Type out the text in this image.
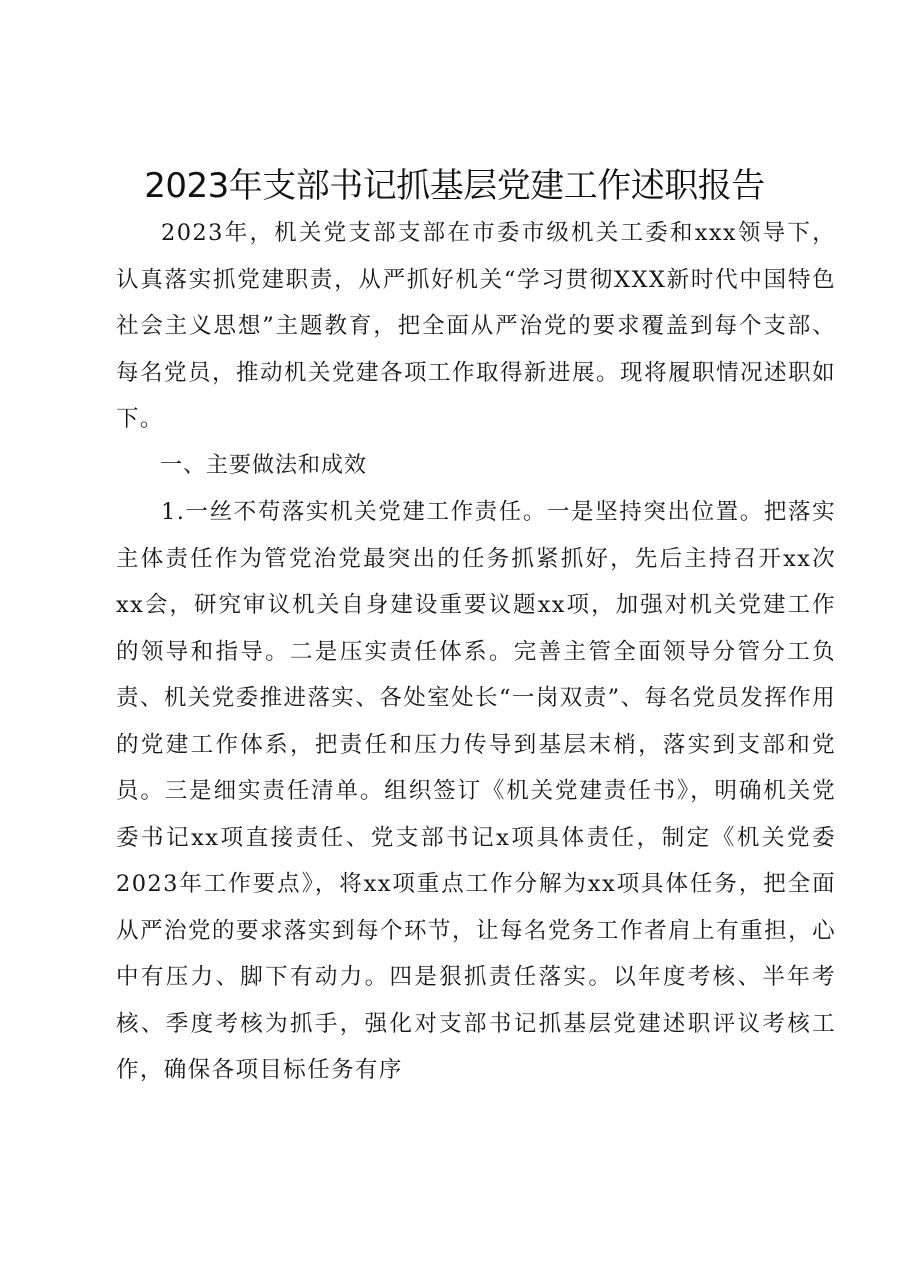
2023年支部书记抓基层党建工作述职报告

2023年，机关党支部支部在市委市级机关工委和xxx领导下，认真落实抓党建职责，从严抓好机关“学习贯彻XXX新时代中国特色社会主义思想”主题教育，把全面从严治党的要求覆盖到每个支部、每名党员，推动机关党建各项工作取得新进展。现将履职情况述职如下。

一、主要做法和成效

1.一丝不苟落实机关党建工作责任。一是坚持突出位置。把落实主体责任作为管党治党最突出的任务抓紧抓好，先后主持召开xx次xx会，研究审议机关自身建设重要议题xx项，加强对机关党建工作的领导和指导。二是压实责任体系。完善主管全面领导分管分工负责、机关党委推进落实、各处室处长“一岗双责”、每名党员发挥作用的党建工作体系，把责任和压力传导到基层末梢，落实到支部和党员。三是细实责任清单。组织签订《机关党建责任书》，明确机关党委书记xx项直接责任、党支部书记x项具体责任，制定《机关党委2023年工作要点》，将xx项重点工作分解为xx项具体任务，把全面从严治党的要求落实到每个环节，让每名党务工作者肩上有重担，心中有压力、脚下有动力。四是狠抓责任落实。以年度考核、半年考核、季度考核为抓手，强化对支部书记抓基层党建述职评议考核工作，确保各项目标任务有序
